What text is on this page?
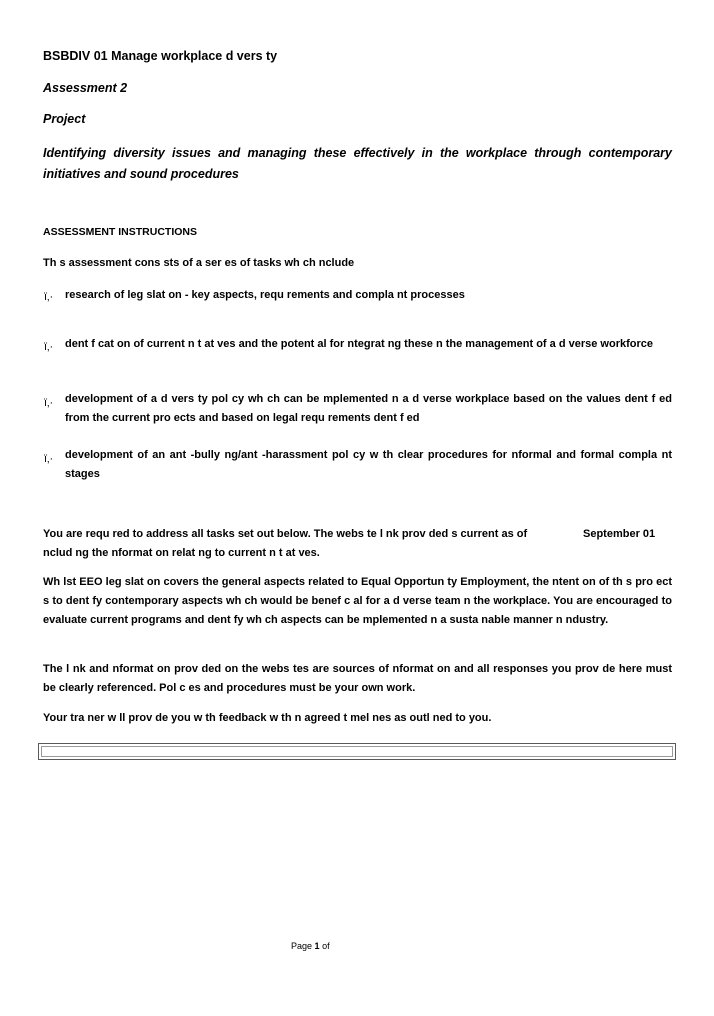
BSBDIV 01 Manage workplace d vers ty
Assessment 2
Project
Identifying diversity issues and managing these effectively in the workplace through contemporary initiatives and sound procedures
ASSESSMENT INSTRUCTIONS
Th s assessment cons sts of a ser es of tasks wh ch nclude
ï‚· research of leg slat on - key aspects, requ rements and compla nt processes
ï‚· dent f cat on of current n t at ves and the potent al for ntegrat ng these n the management of a d verse workforce
ï‚· development of a d vers ty pol cy wh ch can be mplemented n a d verse workplace based on the values dent f ed from the current pro ects and based on legal requ rements dent f ed
ï‚· development of an ant -bully ng/ant -harassment pol cy w th clear procedures for nformal and formal compla nt stages
You are requ red to address all tasks set out below. The webs te l nk prov ded s current as of	September 01
nclud ng the nformat on relat ng to current n t at ves.
Wh lst EEO leg slat on covers the general aspects related to Equal Opportun ty Employment, the ntent on of th s pro ect s to dent fy contemporary aspects wh ch would be benef c al for a d verse team n the workplace. You are encouraged to evaluate current programs and dent fy wh ch aspects can be mplemented n a susta nable manner n ndustry.
The l nk and nformat on prov ded on the webs tes are sources of nformat on and all responses you prov de here must be clearly referenced. Pol c es and procedures must be your own work.
Your tra ner w ll prov de you w th feedback w th n agreed t mel nes as outl ned to you.
Page 1 of
